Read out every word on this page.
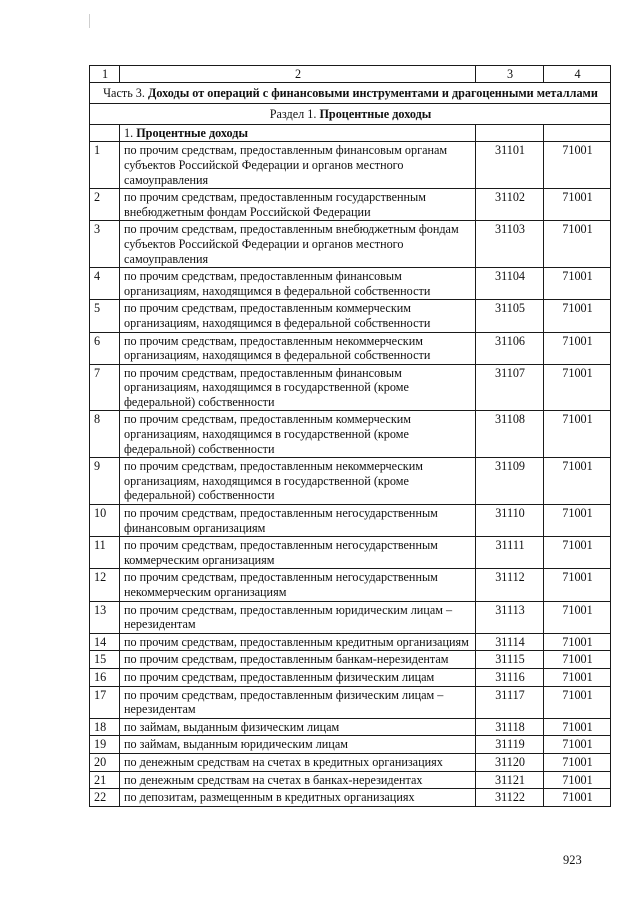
1	2	3	4
Часть 3. Доходы от операций с финансовыми инструментами и драгоценными металлами			
Раздел 1. Процентные доходы			
	1. Процентные доходы		
1	по прочим средствам, предоставленным финансовым органам субъектов Российской Федерации и органов местного самоуправления	31101	71001
2	по прочим средствам, предоставленным государственным внебюджетным фондам Российской Федерации	31102	71001
3	по прочим средствам, предоставленным внебюджетным фондам субъектов Российской Федерации и органов местного самоуправления	31103	71001
4	по прочим средствам, предоставленным финансовым организациям, находящимся в федеральной собственности	31104	71001
5	по прочим средствам, предоставленным коммерческим организациям, находящимся в федеральной собственности	31105	71001
6	по прочим средствам, предоставленным некоммерческим организациям, находящимся в федеральной собственности	31106	71001
7	по прочим средствам, предоставленным финансовым организациям, находящимся в государственной (кроме федеральной) собственности	31107	71001
8	по прочим средствам, предоставленным коммерческим организациям, находящимся в государственной (кроме федеральной) собственности	31108	71001
9	по прочим средствам, предоставленным некоммерческим организациям, находящимся в государственной (кроме федеральной) собственности	31109	71001
10	по прочим средствам, предоставленным негосударственным финансовым организациям	31110	71001
11	по прочим средствам, предоставленным негосударственным коммерческим организациям	31111	71001
12	по прочим средствам, предоставленным негосударственным некоммерческим организациям	31112	71001
13	по прочим средствам, предоставленным юридическим лицам – нерезидентам	31113	71001
14	по прочим средствам, предоставленным кредитным организациям	31114	71001
15	по прочим средствам, предоставленным банкам-нерезидентам	31115	71001
16	по прочим средствам, предоставленным физическим лицам	31116	71001
17	по прочим средствам, предоставленным физическим лицам – нерезидентам	31117	71001
18	по займам, выданным физическим лицам	31118	71001
19	по займам, выданным юридическим лицам	31119	71001
20	по денежным средствам на счетах в кредитных организациях	31120	71001
21	по денежным средствам на счетах в банках-нерезидентах	31121	71001
22	по депозитам, размещенным в кредитных организациях	31122	71001
923
